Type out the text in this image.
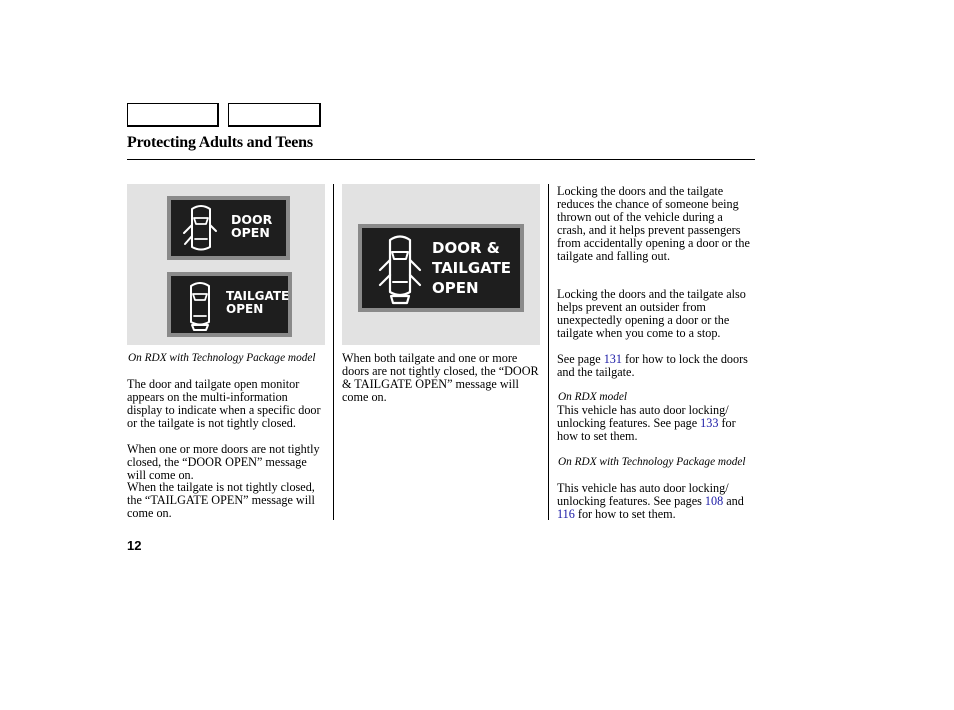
Protecting Adults and Teens
DOOR
OPEN
TAILGATE
OPEN
DOOR &
TAILGATE
OPEN
On RDX with Technology Package model
The door and tailgate open monitor appears on the multi-information display to indicate when a specific door or the tailgate is not tightly closed.
When one or more doors are not tightly closed, the “DOOR OPEN” message will come on.
When the tailgate is not tightly closed, the “TAILGATE OPEN” message will come on.
When both tailgate and one or more doors are not tightly closed, the “DOOR & TAILGATE OPEN” message will come on.
Locking the doors and the tailgate reduces the chance of someone being thrown out of the vehicle during a crash, and it helps prevent passengers from accidentally opening a door or the tailgate and falling out.
Locking the doors and the tailgate also helps prevent an outsider from unexpectedly opening a door or the tailgate when you come to a stop.
See page 131 for how to lock the doors and the tailgate.
On RDX model
This vehicle has auto door locking/ unlocking features. See page 133 for how to set them.
On RDX with Technology Package model
This vehicle has auto door locking/ unlocking features. See pages 108 and 116 for how to set them.
12
